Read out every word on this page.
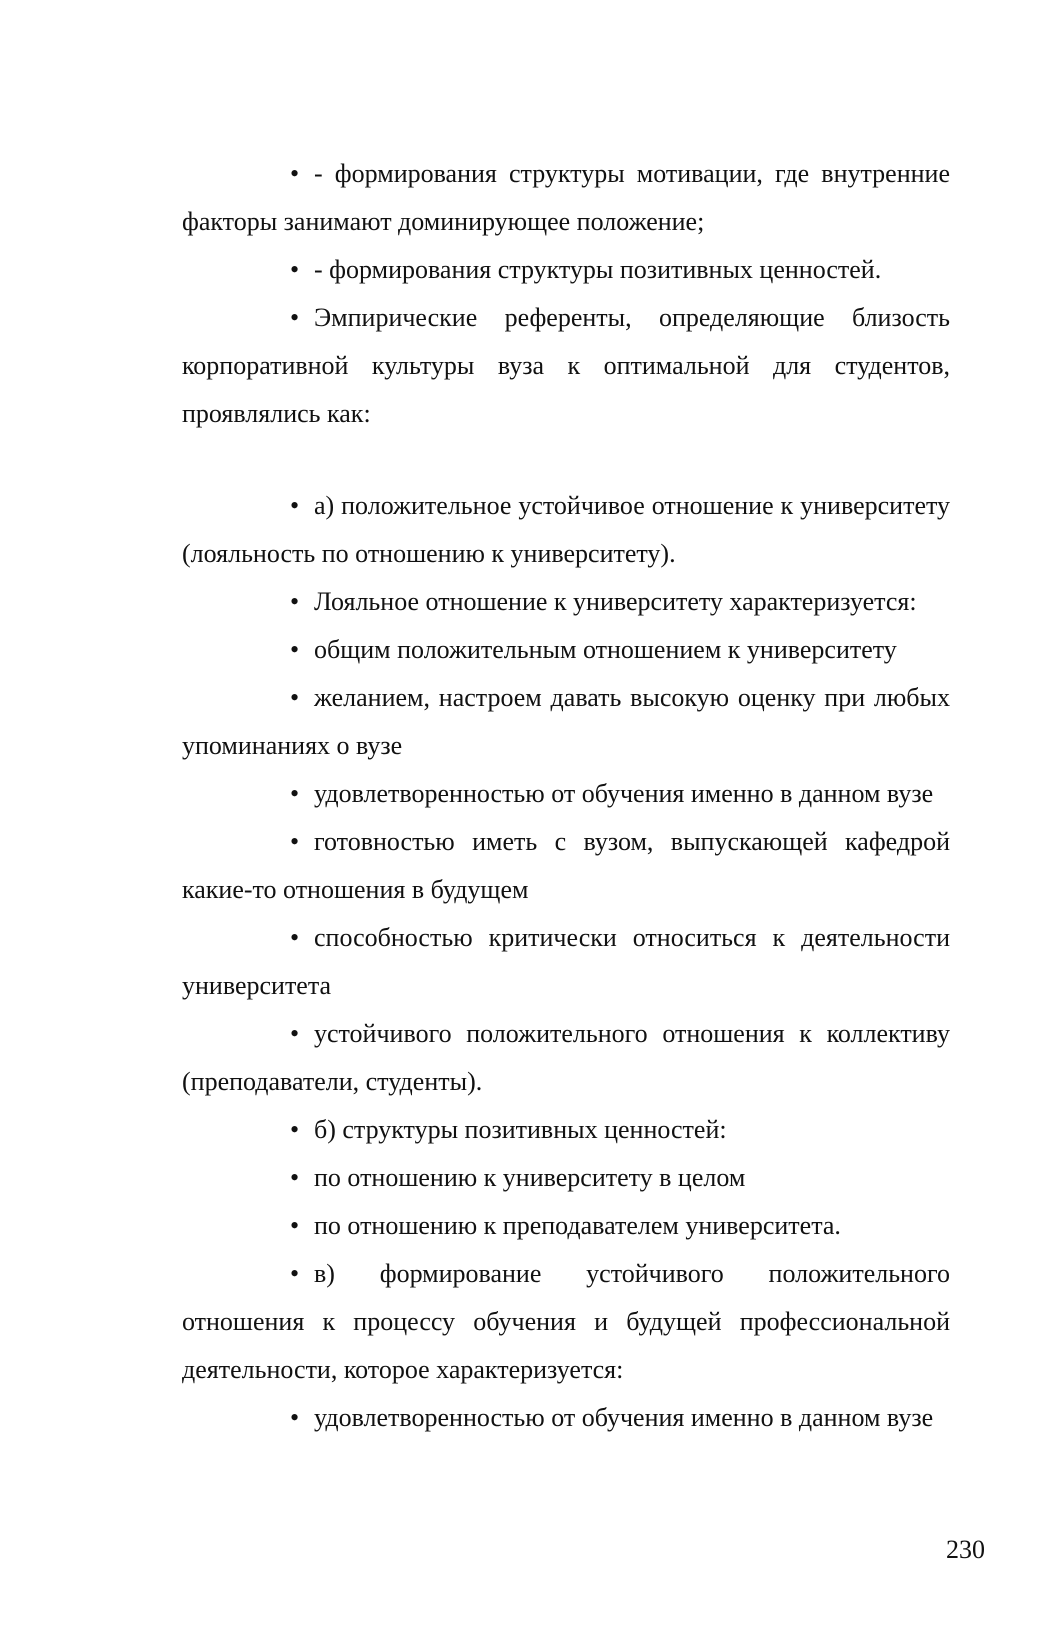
• - формирования структуры мотивации, где внутренние факторы занимают доминирующее положение;

• - формирования структуры позитивных ценностей.

• Эмпирические референты, определяющие близость корпоративной культуры вуза к оптимальной для студентов, проявлялись как:

• а) положительное устойчивое отношение к университету (лояльность по отношению к университету).

• Лояльное отношение к университету характеризуется:

• общим положительным отношением к университету

• желанием, настроем давать высокую оценку при любых упоминаниях о вузе

• удовлетворенностью от обучения именно в данном вузе

• готовностью иметь с вузом, выпускающей кафедрой какие-то отношения в будущем

• способностью критически относиться к деятельности университета

• устойчивого положительного отношения к коллективу (преподаватели, студенты).

• б) структуры позитивных ценностей:

• по отношению к университету в целом

• по отношению к преподавателем университета.

• в) формирование устойчивого положительного отношения к процессу обучения и будущей профессиональной деятельности, которое характеризуется:

• удовлетворенностью от обучения именно в данном вузе

230
